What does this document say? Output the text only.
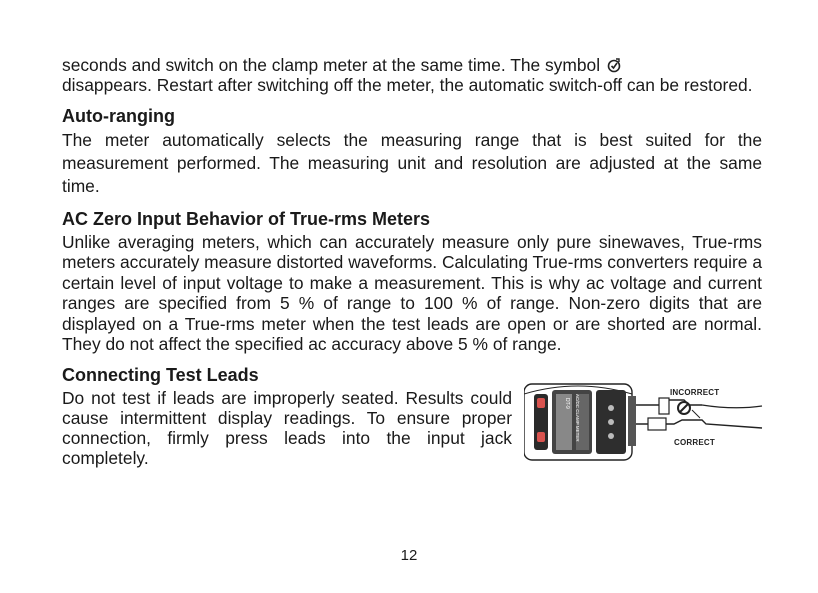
seconds and switch on the clamp meter at the same time. The symbol
disappears. Restart after switching off the meter, the automatic switch-off can be restored.

Auto-ranging

The meter automatically selects the measuring range that is best suited for the measurement performed. The measuring unit and resolution are adjusted at the same time.

AC Zero Input Behavior of True-rms Meters

Unlike averaging meters, which can accurately measure only pure sinewaves, True-rms meters accurately measure distorted waveforms. Calculating True-rms converters require a certain level of input voltage to make a measurement. This is why ac voltage and current ranges are specified from 5 % of range to 100 % of range. Non-zero digits that are displayed on a True-rms meter when the test leads are open or are shorted are normal. They do not affect the specified ac accuracy above 5 % of range.

Connecting Test Leads

Do not test if leads are improperly seated. Results could cause intermittent display readings. To ensure proper connection, firmly press leads into the input jack completely.

INCORRECT
CORRECT
AC/DC CLAMP METER
DT-9
12
